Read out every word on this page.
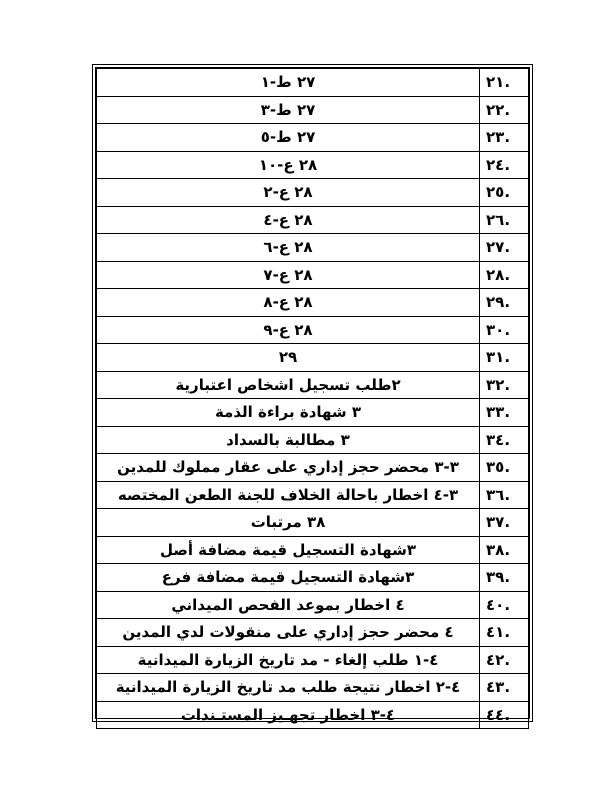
.٢١	٢٧ ط-١
.٢٢	٢٧ ط-٣
.٢٣	٢٧ ط-٥
.٢٤	٢٨ ع-١٠
.٢٥	٢٨ ع-٢
.٢٦	٢٨ ع-٤
.٢٧	٢٨ ع-٦
.٢٨	٢٨ ع-٧
.٢٩	٢٨ ع-٨
.٣٠	٢٨ ع-٩
.٣١	٢٩
.٣٢	٢طلب تسجيل اشخاص اعتبارية
.٣٣	٣ شهادة براءة الذمة
.٣٤	٣ مطالبة بالسداد
.٣٥	٣-٣ محضر حجز إداري على عقار مملوك للمدين
.٣٦	٣-٤ اخطار باحالة الخلاف للجنة الطعن المختصه
.٣٧	٣٨ مرتبات
.٣٨	٣شهادة التسجيل قيمة مضافة أصل
.٣٩	٣شهادة التسجيل قيمة مضافة فرع
.٤٠	٤ اخطار بموعد الفحص الميداني
.٤١	٤ محضر حجز إداري على منقولات لدي المدين
.٤٢	٤-١ طلب إلغاء - مد تاريخ الزيارة الميدانية
.٤٣	٤-٢ اخطار نتيجة طلب مد تاريخ الزيارة الميدانية
.٤٤	٤-٣ اخطار تجهـيز المستـندات
